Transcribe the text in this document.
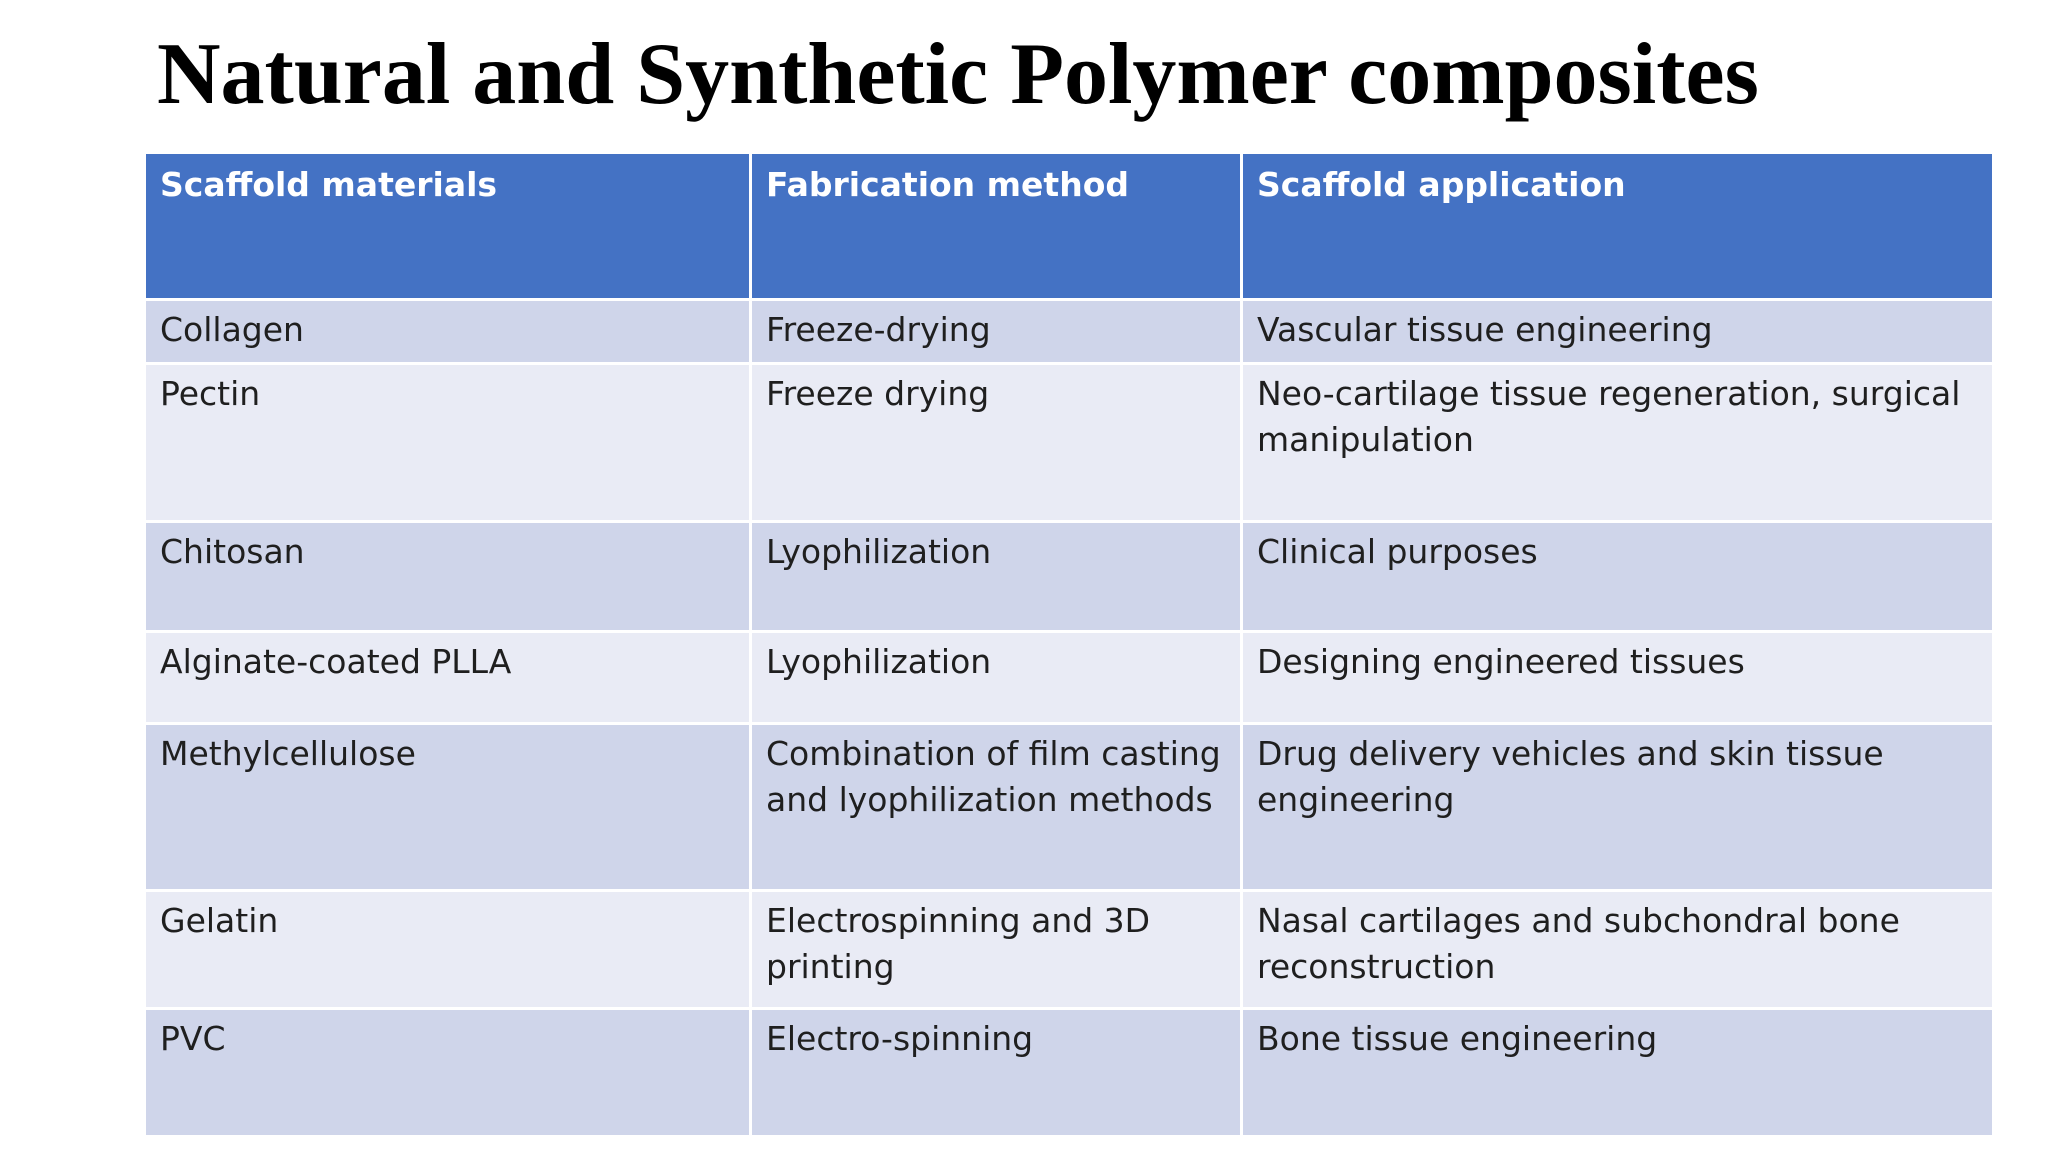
Natural and Synthetic Polymer composites
Scaffold materials	Fabrication method	Scaffold application
Collagen	Freeze-drying	Vascular tissue engineering
Pectin	Freeze drying	Neo-cartilage tissue regeneration, surgical manipulation
Chitosan	Lyophilization	Clinical purposes
Alginate-coated PLLA	Lyophilization	Designing engineered tissues
Methylcellulose	Combination of film casting and lyophilization methods	Drug delivery vehicles and skin tissue engineering
Gelatin	Electrospinning and 3D printing	Nasal cartilages and subchondral bone reconstruction
PVC	Electro-spinning	Bone tissue engineering
